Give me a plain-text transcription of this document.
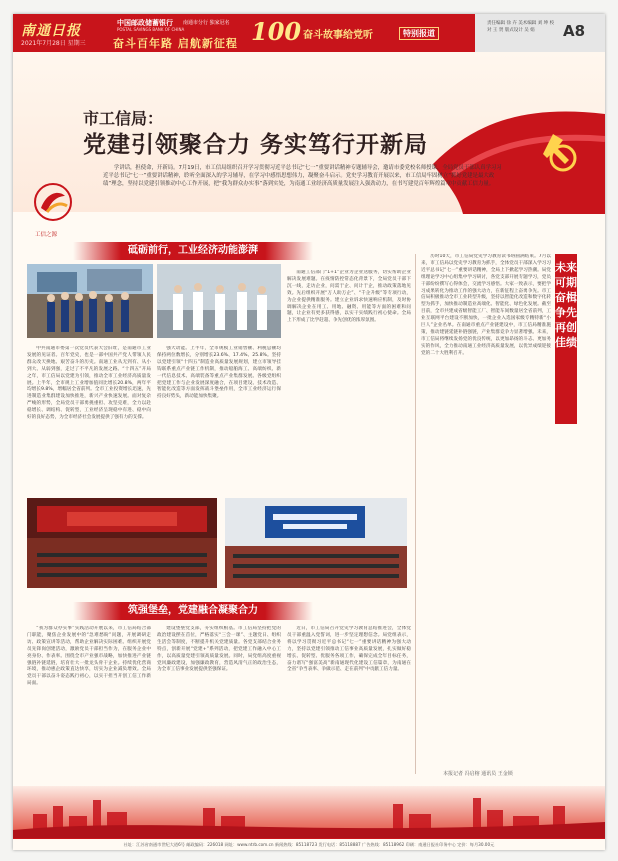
南通日报
2021年7月28日 星期三
中国邮政储蓄银行
POSTAL SAVINGS BANK OF CHINA
南通市分行 独家冠名
奋斗百年路 启航新征程 100 奋斗故事给党听	特别报道
责任编辑 徐 卉 美术编辑 刘 坤 校对 王 贤 版式设计 吴 娟	A8
市工信局：
党建引领聚合力 务实笃行开新局
学讲话，担使命，开新局。7月19日，市工信局组织召开学习贯彻习近平总书记“七一”重要讲话精神专题辅导会，邀请市委党校名师授课，全局党员干部认真学习习近平总书记“七一”重要讲话精神，聆听全面深入的学习辅导，在学习中感悟思想伟力，凝聚奋斗启示。党史学习教育开展以来，市工信局牢固树立“抓好党建是最大政绩”理念，坚持以党建引领推动中心工作开展，把“我为群众办实事”落到实处，为南通工业经济高质量发展注入强劲动力，在书写建党百年辉煌篇章中贡献工信力量。
工信之源
砥砺前行，工业经济动能澎湃
中共南通市委第一次党员代表大会旧址，是南通市工业发展的见证者。百年党史，也是一部中国共产党人带领人民群众改天换地、艰苦奋斗的历史。南通工业从无到有、从小到大、从弱到强，走过了不平凡的发展之路。“十四五”开局之年，市工信局以党建为引领，推动全市工业经济高质量发展。上半年，全市规上工业增加值同比增长20.8%，两年平均增长9.8%，增幅居全省前列。全市工业投资增长迅速，先进制造业集群建设加快推进，新兴产业快速发展。面对复杂严峻的形势，全局党员干部勇挑重担、攻坚克难，全力以赴稳增长、调结构、促转型，工业经济呈现稳中有进、稳中向好的良好态势，为全市经济社会发展提供了强有力的支撑。
强大动能。上半年，全市规模工业销售额、利税总额均保持两位数增长，分别增长23.6%、17.4%、25.8%。坚持以党建引领“十四五”制造业高质量发展规划，建立市领导挂钩联系重点产业链工作机制，推动船舶海工、高端纺织、新一代信息技术、高端装备等重点产业集群发展。各级党组织把党建工作与企业发展深度融合，在项目建设、技术改造、智能化改造等方面发挥战斗堡垒作用，全市工业经济运行保持良好势头，新动能加快集聚。
南通工信部门“1+1”企业为企业送服务，切实帮助企业解决发展难题。在疫情防控常态化背景下，全局党员干部下沉一线，走访企业，问需于企、问计于企，推动政策落地见效。先后组织开展“万人助万企”、“千企升级”等专项行动，为企业提供精准服务。建立企业诉求快速响应机制，及时协调解决企业在用工、用地、融资、用能等方面的困难和问题，让企业有更多获得感，以实干实绩践行初心使命。全局上下形成了比学赶超、争先创优的浓厚氛围。
筑强堡垒，党建融合凝聚合力
“我为群众办实事”实践活动开展以来，市工信局结合部门职能，聚焦企业发展中的“急难愁盼”问题，开展调研走访、政策宣讲等活动，帮助企业解决实际困难。组织开展党员先锋岗创建活动，激励党员干部担当作为，在服务企业中亮身份、作表率。围绕全市产业强市战略，加快推进产业链强链补链延链，培育壮大一批龙头骨干企业。持续优化营商环境，推动惠企政策直达快享，切实为企业减负增效。全局党员干部以奋斗姿态践行初心，以实干担当开创工信工作新局面。
建设堡垒党支部，夯实组织根基。市工信局坚持把党的政治建设摆在首位，严格落实“三会一课”、主题党日、组织生活会等制度，不断提升机关党建质量。各党支部结合业务特点，创新开展“党建+”系列活动，把党建工作融入中心工作，以高质量党建引领高质量发展。同时，局党组高度重视党风廉政建设，加强廉政教育，营造风清气正的政治生态，为全市工信事业发展提供坚强保证。
近日，市工信局召开党史学习教育总结推进会，全体党员干部重温入党誓词，进一步坚定理想信念。局党组表示，将以学习贯彻习近平总书记“七一”重要讲话精神为强大动力，坚持以党建引领推动工信事业高质量发展，扎实做好稳增长、促转型、优服务各项工作，确保完成全年目标任务，奋力谱写“强富美高”新南通现代化建设工信篇章，为南通在全省“争当表率、争做示范、走在前列”中贡献工信力量。
历时10天，市工信局党史学习教育读书班圆满结束。7月以来，市工信局以党史学习教育为抓手，全体党员干部深入学习习近平总书记“七一”重要讲话精神，全局上下掀起学习热潮。局党组理论学习中心组集中学习研讨，各党支部开展专题学习，党员干部纷纷撰写心得体会，交流学习感悟。大家一致表示，要把学习成果转化为推动工作的强大动力，在新征程上奋勇争先。市工信局积极推动全市工业转型升级，坚持以智能化改造和数字化转型为抓手，加快推动制造业高端化、智能化、绿色化发展。截至目前，全市共建成省级智能工厂、智能车间数量居全省前列，工业互联网平台建设不断加快，一批企业入选国家级专精特新“小巨人”企业名单。在南通市重点产业链建设中，市工信局精准施策，推动建链延链补链强链，产业集群竞争力显著增强。未来，市工信局将继续发扬党的优良传统，以更加昂扬的斗志、更加务实的作风，全力推动南通工业经济高质量发展，以优异成绩迎接党的二十大胜利召开。
未来可期 奋楫争先再创佳绩
本报记者 冯启榕 通讯员 王金锁
社址：江苏省南通市世纪大道6号 邮政编码：226018 网址：www.ntrb.com.cn 新闻热线：85118723 发行电话：85118887 广告热线：85118962 印刷：南通日报社印务中心 定价：每月30.00元
